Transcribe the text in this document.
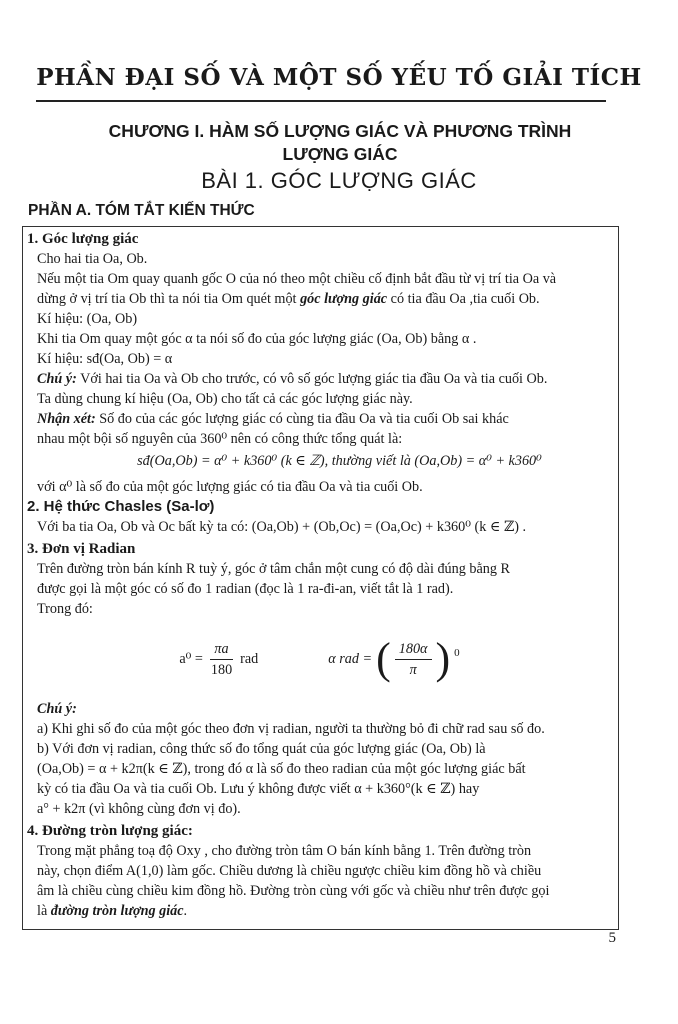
PHẦN ĐẠI SỐ VÀ MỘT SỐ YẾU TỐ GIẢI TÍCH
CHƯƠNG I. HÀM SỐ LƯỢNG GIÁC VÀ PHƯƠNG TRÌNH
LƯỢNG GIÁC
BÀI 1. GÓC LƯỢNG GIÁC
PHẦN A. TÓM TẮT KIẾN THỨC

1. Góc lượng giác

Cho hai tia Oa, Ob.

Nếu một tia Om quay quanh gốc O của nó theo một chiều cố định bắt đầu từ vị trí tia Oa và

dừng ở vị trí tia Ob thì ta nói tia Om quét một góc lượng giác có tia đầu Oa ,tia cuối Ob.

Kí hiệu: (Oa, Ob)

Khi tia Om quay một góc α ta nói số đo của góc lượng giác (Oa, Ob) bằng α .

Kí hiệu: sđ(Oa, Ob) = α

Chú ý: Với hai tia Oa và Ob cho trước, có vô số góc lượng giác tia đầu Oa và tia cuối Ob.

Ta dùng chung kí hiệu (Oa, Ob) cho tất cả các góc lượng giác này.

Nhận xét: Số đo của các góc lượng giác có cùng tia đầu Oa và tia cuối Ob sai khác

nhau một bội số nguyên của 360⁰ nên có công thức tổng quát là:

sđ(Oa,Ob) = α⁰ + k360⁰ (k ∈ ℤ), thường viết là (Oa,Ob) = α⁰ + k360⁰

với α⁰ là số đo của một góc lượng giác có tia đầu Oa và tia cuối Ob.

2. Hệ thức Chasles (Sa-lơ)

Với ba tia Oa, Ob và Oc bất kỳ ta có: (Oa,Ob) + (Ob,Oc) = (Oa,Oc) + k360⁰ (k ∈ ℤ) .

3. Đơn vị Radian

Trên đường tròn bán kính R tuỳ ý, góc ở tâm chắn một cung có độ dài đúng bằng R

được gọi là một góc có số đo 1 radian (đọc là 1 ra-đi-an, viết tắt là 1 rad).

Trong đó:

$a^0 = \frac{\pi a}{180}$ rad	α rad = ( $\frac{180\alpha}{\pi}$ ) $^0$

Chú ý:

a) Khi ghi số đo của một góc theo đơn vị radian, người ta thường bỏ đi chữ rad sau số đo.

b) Với đơn vị radian, công thức số đo tổng quát của góc lượng giác (Oa, Ob) là

(Oa,Ob) = α + k2π(k ∈ ℤ), trong đó α là số đo theo radian của một góc lượng giác bất

kỳ có tia đầu Oa và tia cuối Ob. Lưu ý không được viết α + k360°(k ∈ ℤ) hay

a° + k2π (vì không cùng đơn vị đo).

4. Đường tròn lượng giác:

Trong mặt phẳng toạ độ Oxy , cho đường tròn tâm O bán kính bằng 1. Trên đường tròn

này, chọn điểm A(1,0) làm gốc. Chiều dương là chiều ngược chiều kim đồng hồ và chiều

âm là chiều cùng chiều kim đồng hồ. Đường tròn cùng với gốc và chiều như trên được gọi

là đường tròn lượng giác.

5
